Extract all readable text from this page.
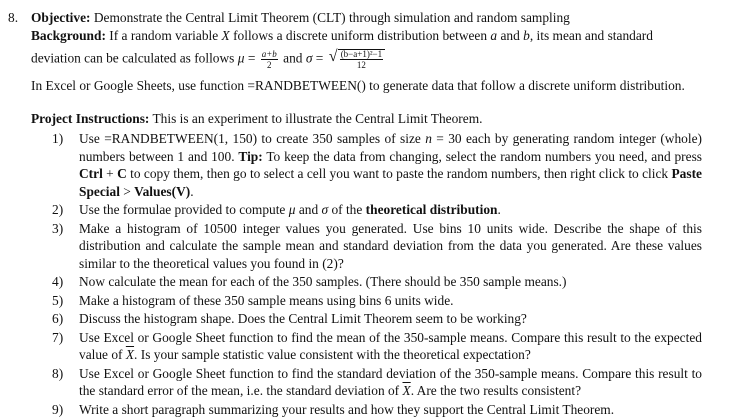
8. Objective: Demonstrate the Central Limit Theorem (CLT) through simulation and random sampling
Background: If a random variable X follows a discrete uniform distribution between a and b, its mean and standard
deviation can be calculated as follows $\mu = \frac{a+b}{2}$ and σ = √ $\frac{\text{(b−a+1)²−1}}{12}$
In Excel or Google Sheets, use function =RANDBETWEEN() to generate data that follow a discrete uniform distribution.
Project Instructions: This is an experiment to illustrate the Central Limit Theorem.
1) Use =RANDBETWEEN(1, 150) to create 350 samples of size n = 30 each by generating random integer (whole) numbers between 1 and 100. Tip: To keep the data from changing, select the random numbers you need, and press Ctrl + C to copy them, then go to select a cell you want to paste the random numbers, then right click to click Paste Special > Values(V).
2) Use the formulae provided to compute μ and σ of the theoretical distribution.
3) Make a histogram of 10500 integer values you generated. Use bins 10 units wide. Describe the shape of this distribution and calculate the sample mean and standard deviation from the data you generated. Are these values similar to the theoretical values you found in (2)?
4) Now calculate the mean for each of the 350 samples. (There should be 350 sample means.)
5) Make a histogram of these 350 sample means using bins 6 units wide.
6) Discuss the histogram shape. Does the Central Limit Theorem seem to be working?
7) Use Excel or Google Sheet function to find the mean of the 350-sample means. Compare this result to the expected value of $\overline{X}$. Is your sample statistic value consistent with the theoretical expectation?
8) Use Excel or Google Sheet function to find the standard deviation of the 350-sample means. Compare this result to the standard error of the mean, i.e. the standard deviation of $\overline{X}$. Are the two results consistent?
9) Write a short paragraph summarizing your results and how they support the Central Limit Theorem.
